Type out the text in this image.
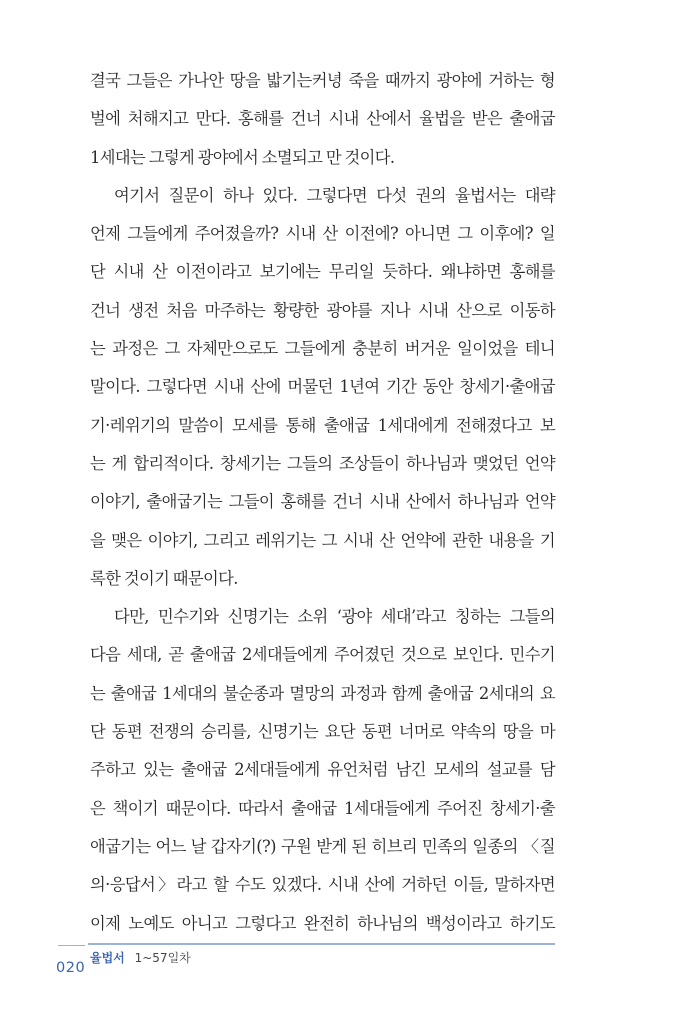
결국 그들은 가나안 땅을 밟기는커녕 죽을 때까지 광야에 거하는 형
벌에 처해지고 만다. 홍해를 건너 시내 산에서 율법을 받은 출애굽
1세대는 그렇게 광야에서 소멸되고 만 것이다.
여기서 질문이 하나 있다. 그렇다면 다섯 권의 율법서는 대략
언제 그들에게 주어졌을까? 시내 산 이전에? 아니면 그 이후에? 일
단 시내 산 이전이라고 보기에는 무리일 듯하다. 왜냐하면 홍해를
건너 생전 처음 마주하는 황량한 광야를 지나 시내 산으로 이동하
는 과정은 그 자체만으로도 그들에게 충분히 버거운 일이었을 테니
말이다. 그렇다면 시내 산에 머물던 1년여 기간 동안 창세기·출애굽
기·레위기의 말씀이 모세를 통해 출애굽 1세대에게 전해졌다고 보
는 게 합리적이다. 창세기는 그들의 조상들이 하나님과 맺었던 언약
이야기, 출애굽기는 그들이 홍해를 건너 시내 산에서 하나님과 언약
을 맺은 이야기, 그리고 레위기는 그 시내 산 언약에 관한 내용을 기
록한 것이기 때문이다.
다만, 민수기와 신명기는 소위 ‘광야 세대’라고 칭하는 그들의
다음 세대, 곧 출애굽 2세대들에게 주어졌던 것으로 보인다. 민수기
는 출애굽 1세대의 불순종과 멸망의 과정과 함께 출애굽 2세대의 요
단 동편 전쟁의 승리를, 신명기는 요단 동편 너머로 약속의 땅을 마
주하고 있는 출애굽 2세대들에게 유언처럼 남긴 모세의 설교를 담
은 책이기 때문이다. 따라서 출애굽 1세대들에게 주어진 창세기·출
애굽기는 어느 날 갑자기(?) 구원 받게 된 히브리 민족의 일종의 〈질
의·응답서〉라고 할 수도 있겠다. 시내 산에 거하던 이들, 말하자면
이제 노예도 아니고 그렇다고 완전히 하나님의 백성이라고 하기도
020
율법서 1~57일차
